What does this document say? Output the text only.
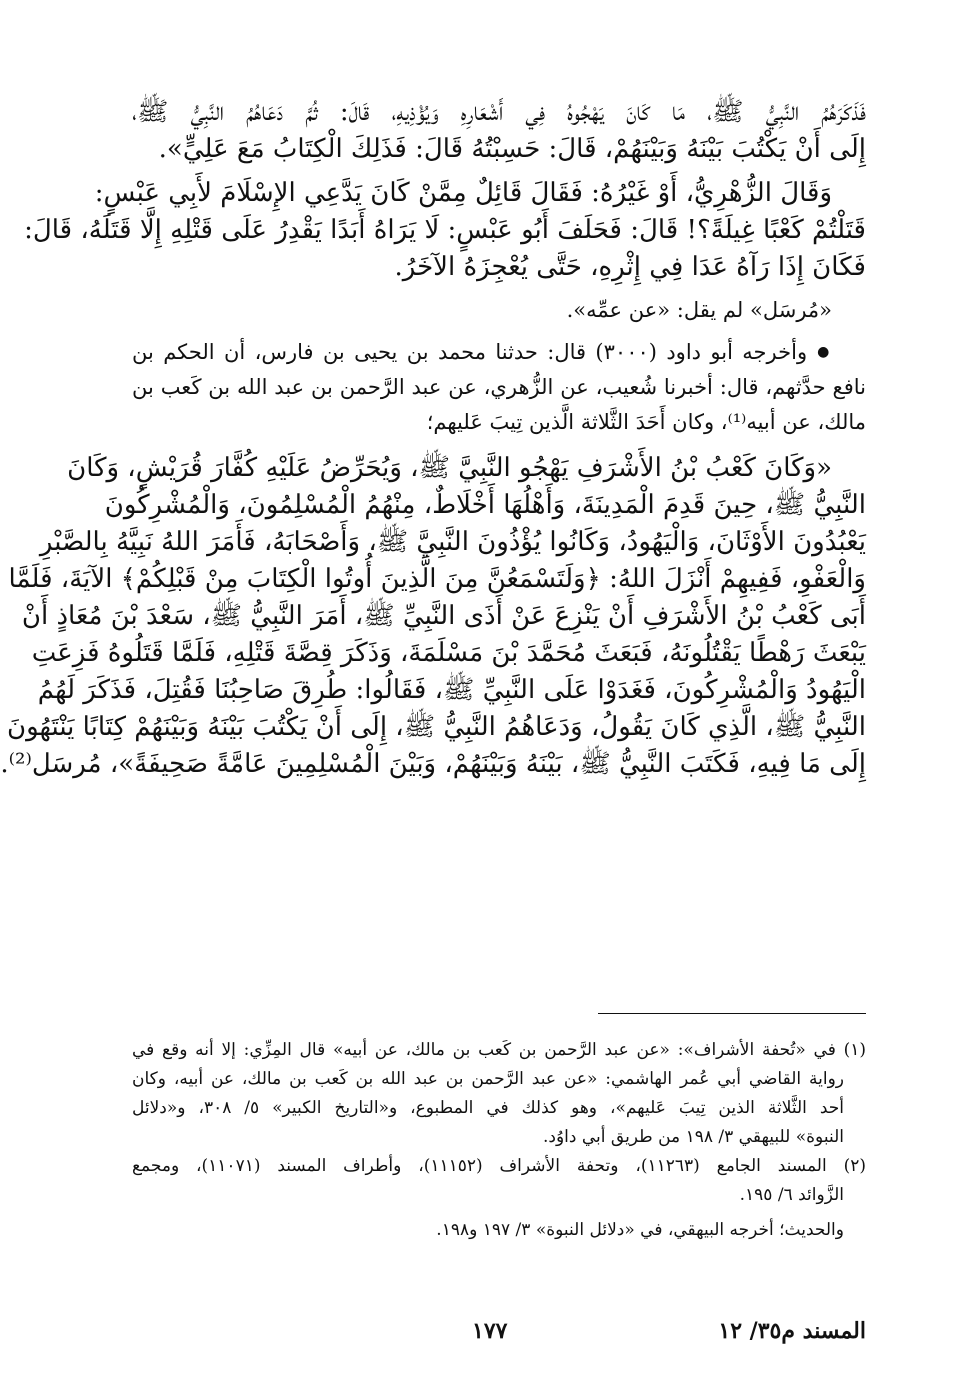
فَذَكَرَهُمُ النَّبِيُّ ﷺ، مَا كَانَ يَهْجُوهُ فِي أَشْعَارِهِ وَيُؤْذِيهِ، قَالَ: ثُمَّ دَعَاهُمُ النَّبِيُّ ﷺ،
إِلَى أَنْ يَكْتُبَ بَيْنَهُ وَبَيْنَهُمْ، قَالَ: حَسِبْتُهُ قَالَ: فَذَلِكَ الْكِتَابُ مَعَ عَلِيٍّ».
وَقَالَ الزُّهْرِيُّ، أَوْ غَيْرُهُ: فَقَالَ قَائِلٌ مِمَّنْ كَانَ يَدَّعِي الإِسْلَامَ لأَبِي عَبْسٍ:
قَتَلْتُمْ كَعْبًا غِيلَةً؟! قَالَ: فَحَلَفَ أَبُو عَبْسٍ: لَا يَرَاهُ أَبَدًا يَقْدِرُ عَلَى قَتْلِهِ إِلَّا قَتَلَهُ، قَالَ:
فَكَانَ إِذَا رَآهُ عَدَا فِي إِثْرِهِ، حَتَّى يُعْجِزَهُ الآخَرُ.
«مُرسَل» لم يقل: «عن عمِّه».
● وأخرجه أبو داود (٣٠٠٠) قال: حدثنا محمد بن يحيى بن فارس، أن الحكم بن
نافع حدَّثهم، قال: أخبرنا شُعيب، عن الزُّهري، عن عبد الرَّحمن بن عبد الله بن كَعب بن
مالك، عن أبيه⁽¹⁾، وكان أَحَدَ الثَّلاثة الَّذين تِيبَ عَليهم؛
«وَكَانَ كَعْبُ بْنُ الأَشْرَفِ يَهْجُو النَّبِيَّ ﷺ، وَيُحَرِّضُ عَلَيْهِ كُفَّارَ قُرَيْشٍ، وَكَانَ
النَّبِيُّ ﷺ، حِينَ قَدِمَ الْمَدِينَةَ، وَأَهْلُهَا أَخْلَاطٌ، مِنْهُمُ الْمُسْلِمُونَ، وَالْمُشْرِكُونَ
يَعْبُدُونَ الأَوْثَانَ، وَالْيَهُودُ، وَكَانُوا يُؤْذُونَ النَّبِيَّ ﷺ، وَأَصْحَابَهُ، فَأَمَرَ اللهُ نَبِيَّهُ بِالصَّبْرِ
وَالْعَفْوِ، فَفِيهِمْ أَنْزَلَ اللهُ: ﴿وَلَتَسْمَعُنَّ مِنَ الَّذِينَ أُوتُوا الْكِتَابَ مِنْ قَبْلِكُمْ﴾ الآيَةَ، فَلَمَّا
أَبَى كَعْبُ بْنُ الأَشْرَفِ أَنْ يَنْزِعَ عَنْ أَذَى النَّبِيِّ ﷺ، أَمَرَ النَّبِيُّ ﷺ، سَعْدَ بْنَ مُعَاذٍ أَنْ
يَبْعَثَ رَهْطًا يَقْتُلُونَهُ، فَبَعَثَ مُحَمَّدَ بْنَ مَسْلَمَةَ، وَذَكَرَ قِصَّةَ قَتْلِهِ، فَلَمَّا قَتَلُوهُ فَزِعَتِ
الْيَهُودُ وَالْمُشْرِكُونَ، فَغَدَوْا عَلَى النَّبِيِّ ﷺ، فَقَالُوا: طُرِقَ صَاحِبُنَا فَقُتِلَ، فَذَكَرَ لَهُمُ
النَّبِيُّ ﷺ، الَّذِي كَانَ يَقُولُ، وَدَعَاهُمُ النَّبِيُّ ﷺ، إِلَى أَنْ يَكْتُبَ بَيْنَهُ وَبَيْنَهُمْ كِتَابًا يَنْتَهُونَ
إِلَى مَا فِيهِ، فَكَتَبَ النَّبِيُّ ﷺ، بَيْنَهُ وَبَيْنَهُمْ، وَبَيْنَ الْمُسْلِمِينَ عَامَّةً صَحِيفَةً»، مُرسَل⁽²⁾.
(١) في «تُحفة الأشراف»: «عن عبد الرَّحمن بن كَعب بن مالك، عن أبيه» قال المِزِّي: إلا أنه وقع في
رواية القاضي أبي عُمر الهاشمي: «عن عبد الرَّحمن بن عبد الله بن كَعب بن مالك، عن أبيه، وكان
أحد الثَّلاثة الذين تِيبَ عَليهم»، وهو كذلك في المطبوع، و«التاريخ الكبير» ٥/ ٣٠٨، و«دلائل
النبوة» للبيهقي ٣/ ١٩٨ من طريق أبي داوُد.
(٢) المسند الجامع (١١٢٦٣)، وتحفة الأشراف (١١١٥٢)، وأطراف المسند (١١٠٧١)، ومجمع
الزَّوائد ٦/ ١٩٥.
والحديث؛ أخرجه البيهقي، في «دلائل النبوة» ٣/ ١٩٧ و١٩٨.
المسند م٣٥/ ١٢
١٧٧
